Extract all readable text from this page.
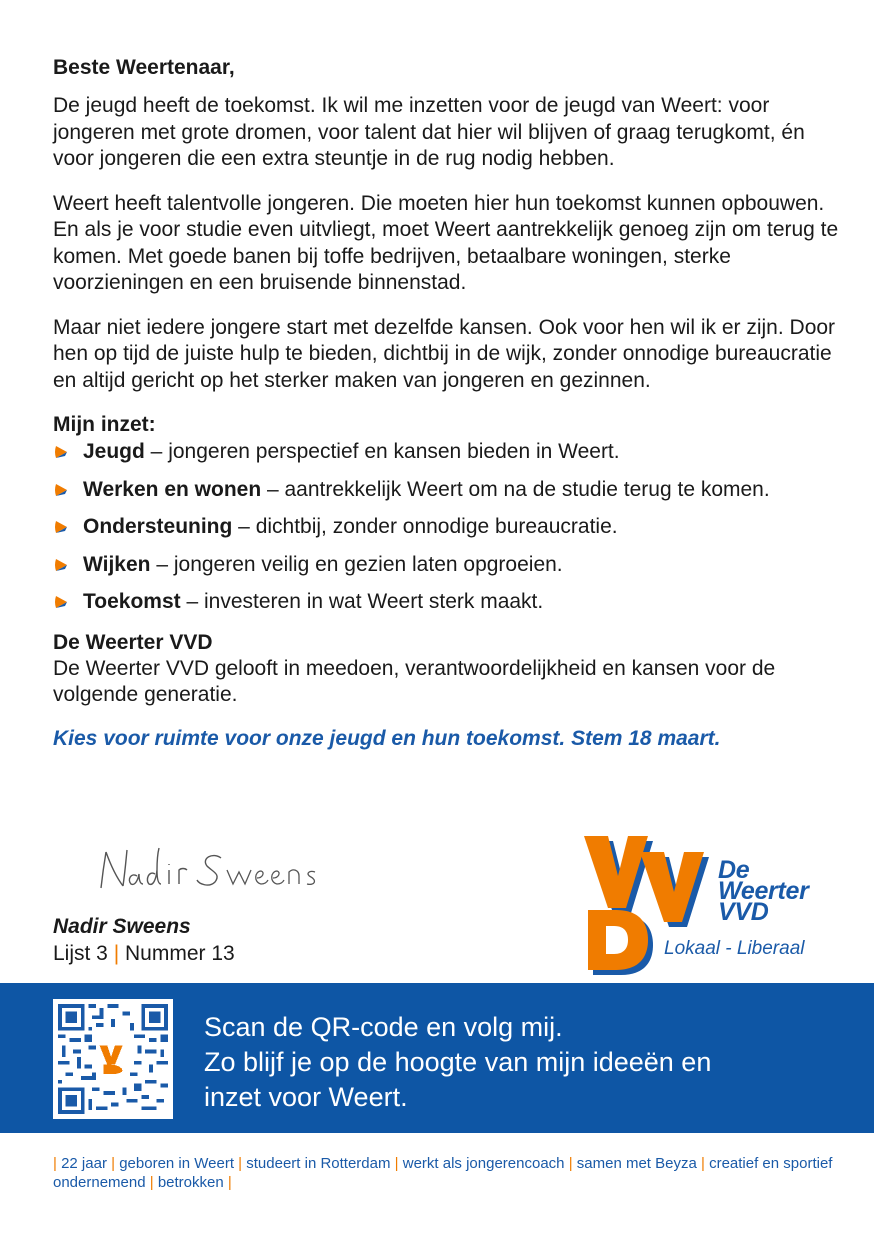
Beste Weertenaar,

De jeugd heeft de toekomst. Ik wil me inzetten voor de jeugd van Weert: voor jongeren met grote dromen, voor talent dat hier wil blijven of graag terugkomt, én voor jongeren die een extra steuntje in de rug nodig hebben.

Weert heeft talentvolle jongeren. Die moeten hier hun toekomst kunnen opbouwen. En als je voor studie even uitvliegt, moet Weert aantrekkelijk genoeg zijn om terug te komen. Met goede banen bij toffe bedrijven, betaalbare woningen, sterke voorzieningen en een bruisende binnenstad.

Maar niet iedere jongere start met dezelfde kansen. Ook voor hen wil ik er zijn. Door hen op tijd de juiste hulp te bieden, dichtbij in de wijk, zonder onnodige bureaucratie en altijd gericht op het sterker maken van jongeren en gezinnen.

Mijn inzet:

Jeugd – jongeren perspectief en kansen bieden in Weert.
Werken en wonen – aantrekkelijk Weert om na de studie terug te komen.
Ondersteuning – dichtbij, zonder onnodige bureaucratie.
Wijken – jongeren veilig en gezien laten opgroeien.
Toekomst – investeren in wat Weert sterk maakt.

De Weerter VVD

De Weerter VVD gelooft in meedoen, verantwoordelijkheid en kansen voor de volgende generatie.

Kies voor ruimte voor onze jeugd en hun toekomst. Stem 18 maart.

Nadir Sweens

Lijst 3 | Nummer 13

De
Weerter
VVD
Lokaal - Liberaal
Scan de QR-code en volg mij.
Zo blijf je op de hoogte van mijn ideeën en
inzet voor Weert.
| 22 jaar | geboren in Weert | studeert in Rotterdam | werkt als jongerencoach | samen met Beyza | creatief en sportief ondernemend | betrokken |
